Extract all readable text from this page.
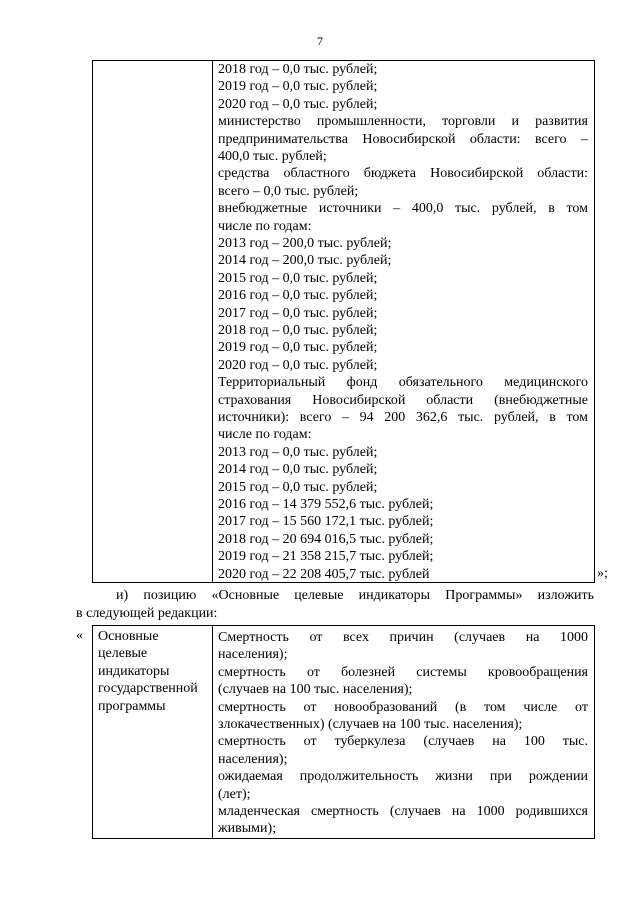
7
2018 год – 0,0 тыс. рублей;
2019 год – 0,0 тыс. рублей;
2020 год – 0,0 тыс. рублей;
министерство промышленности, торговли и развития
предпринимательства Новосибирской области: всего –
400,0 тыс. рублей;
средства областного бюджета Новосибирской области:
всего – 0,0 тыс. рублей;
внебюджетные источники – 400,0 тыс. рублей, в том
числе по годам:
2013 год – 200,0 тыс. рублей;
2014 год – 200,0 тыс. рублей;
2015 год – 0,0 тыс. рублей;
2016 год – 0,0 тыс. рублей;
2017 год – 0,0 тыс. рублей;
2018 год – 0,0 тыс. рублей;
2019 год – 0,0 тыс. рублей;
2020 год – 0,0 тыс. рублей;
Территориальный фонд обязательного медицинского
страхования Новосибирской области (внебюджетные
источники): всего – 94 200 362,6 тыс. рублей, в том
числе по годам:
2013 год – 0,0 тыс. рублей;
2014 год – 0,0 тыс. рублей;
2015 год – 0,0 тыс. рублей;
2016 год – 14 379 552,6 тыс. рублей;
2017 год – 15 560 172,1 тыс. рублей;
2018 год – 20 694 016,5 тыс. рублей;
2019 год – 21 358 215,7 тыс. рублей;
2020 год – 22 208 405,7 тыс. рублей	»;
и) позицию «Основные целевые индикаторы Программы» изложить
в следующей редакции:
« Основные
целевые
индикаторы
государственной
программы
Смертность от всех причин (случаев на 1000
населения);
смертность от болезней системы кровообращения
(случаев на 100 тыс. населения);
смертность от новообразований (в том числе от
злокачественных) (случаев на 100 тыс. населения);
смертность от туберкулеза (случаев на 100 тыс.
населения);
ожидаемая продолжительность жизни при рождении
(лет);
младенческая смертность (случаев на 1000 родившихся
живыми);
